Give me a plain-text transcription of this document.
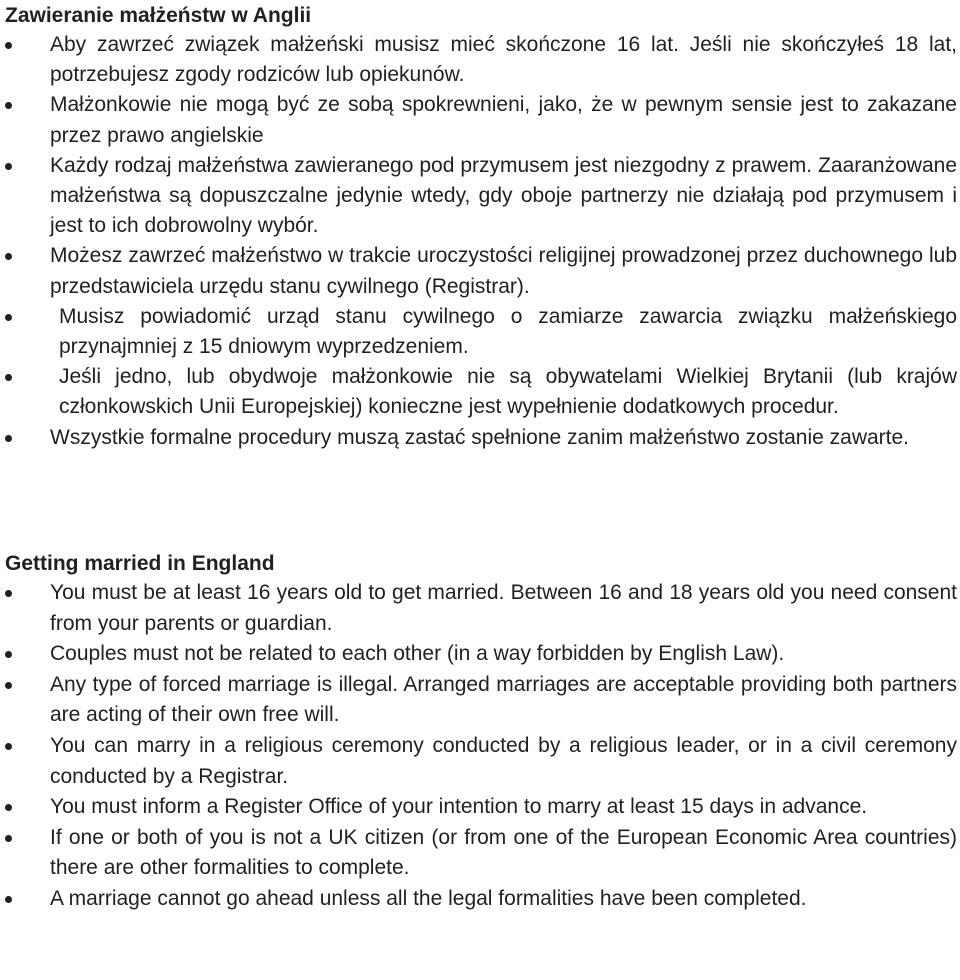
Zawieranie małżeństw w Anglii
Aby zawrzeć związek małżeński musisz mieć skończone 16 lat. Jeśli nie skończyłeś 18 lat, potrzebujesz zgody rodziców lub opiekunów.
Małżonkowie nie mogą być ze sobą spokrewnieni, jako, że w pewnym sensie jest to zakazane przez prawo angielskie
Każdy rodzaj małżeństwa zawieranego pod przymusem jest niezgodny z prawem. Zaaranżowane małżeństwa są dopuszczalne jedynie wtedy, gdy oboje partnerzy nie działają pod przymusem i jest to ich dobrowolny wybór.
Możesz zawrzeć małżeństwo w trakcie uroczystości religijnej prowadzonej przez duchownego lub przedstawiciela urzędu stanu cywilnego (Registrar).
Musisz powiadomić urząd stanu cywilnego o zamiarze zawarcia związku małżeńskiego przynajmniej z 15 dniowym wyprzedzeniem.
Jeśli jedno, lub obydwoje małżonkowie nie są obywatelami Wielkiej Brytanii (lub krajów członkowskich Unii Europejskiej) konieczne jest wypełnienie dodatkowych procedur.
Wszystkie formalne procedury muszą zastać spełnione zanim małżeństwo zostanie zawarte.
Getting married in England
You must be at least 16 years old to get married. Between 16 and 18 years old you need consent from your parents or guardian.
Couples must not be related to each other (in a way forbidden by English Law).
Any type of forced marriage is illegal. Arranged marriages are acceptable providing both partners are acting of their own free will.
You can marry in a religious ceremony conducted by a religious leader, or in a civil ceremony conducted by a Registrar.
You must inform a Register Office of your intention to marry at least 15 days in advance.
If one or both of you is not a UK citizen (or from one of the European Economic Area countries) there are other formalities to complete.
A marriage cannot go ahead unless all the legal formalities have been completed.
